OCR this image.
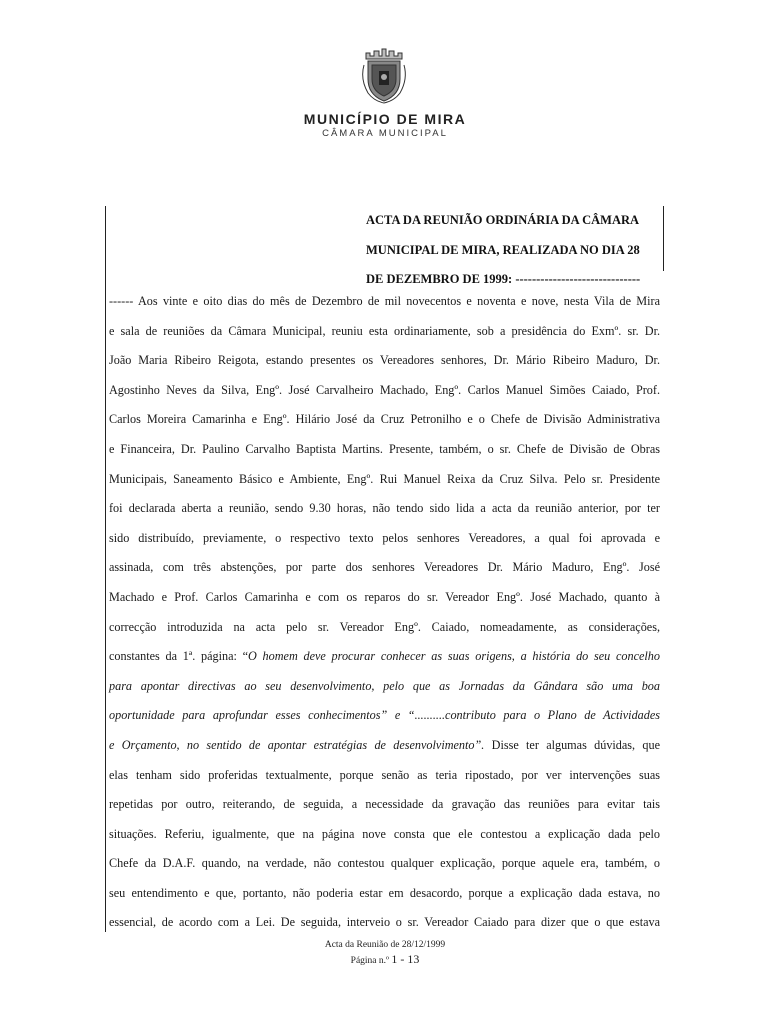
MUNICÍPIO DE MIRA
CÂMARA MUNICIPAL
ACTA DA REUNIÃO ORDINÁRIA DA CÂMARA
MUNICIPAL DE MIRA, REALIZADA NO DIA 28
DE DEZEMBRO DE 1999: ------------------------------
------ Aos vinte e oito dias do mês de Dezembro de mil novecentos e noventa e nove, nesta Vila de Mira
e sala de reuniões da Câmara Municipal, reuniu esta ordinariamente, sob a presidência do Exmº. sr. Dr.
João Maria Ribeiro Reigota, estando presentes os Vereadores senhores, Dr. Mário Ribeiro Maduro, Dr.
Agostinho Neves da Silva, Engº. José Carvalheiro Machado, Engº. Carlos Manuel Simões Caiado, Prof.
Carlos Moreira Camarinha e Engº. Hilário José da Cruz Petronilho e o Chefe de Divisão Administrativa
e Financeira, Dr. Paulino Carvalho Baptista Martins. Presente, também, o sr. Chefe de Divisão de Obras
Municipais, Saneamento Básico e Ambiente, Engº. Rui Manuel Reixa da Cruz Silva. Pelo sr. Presidente
foi declarada aberta a reunião, sendo 9.30 horas, não tendo sido lida a acta da reunião anterior, por ter
sido distribuído, previamente, o respectivo texto pelos senhores Vereadores, a qual foi aprovada e
assinada, com três abstenções, por parte dos senhores Vereadores Dr. Mário Maduro, Engº. José
Machado e Prof. Carlos Camarinha e com os reparos do sr. Vereador Engº. José Machado, quanto à
correcção introduzida na acta pelo sr. Vereador Engº. Caiado, nomeadamente, as considerações,
constantes da 1ª. página: “O homem deve procurar conhecer as suas origens, a história do seu concelho
para apontar directivas ao seu desenvolvimento, pelo que as Jornadas da Gândara são uma boa
oportunidade para aprofundar esses conhecimentos” e “..........contributo para o Plano de Actividades
e Orçamento, no sentido de apontar estratégias de desenvolvimento”. Disse ter algumas dúvidas, que
elas tenham sido proferidas textualmente, porque senão as teria ripostado, por ver intervenções suas
repetidas por outro, reiterando, de seguida, a necessidade da gravação das reuniões para evitar tais
situações. Referiu, igualmente, que na página nove consta que ele contestou a explicação dada pelo
Chefe da D.A.F. quando, na verdade, não contestou qualquer explicação, porque aquele era, também, o
seu entendimento e que, portanto, não poderia estar em desacordo, porque a explicação dada estava, no
essencial, de acordo com a Lei. De seguida, interveio o sr. Vereador Caiado para dizer que o que estava
Acta da Reunião de 28/12/1999
Página n.º 1 - 13
